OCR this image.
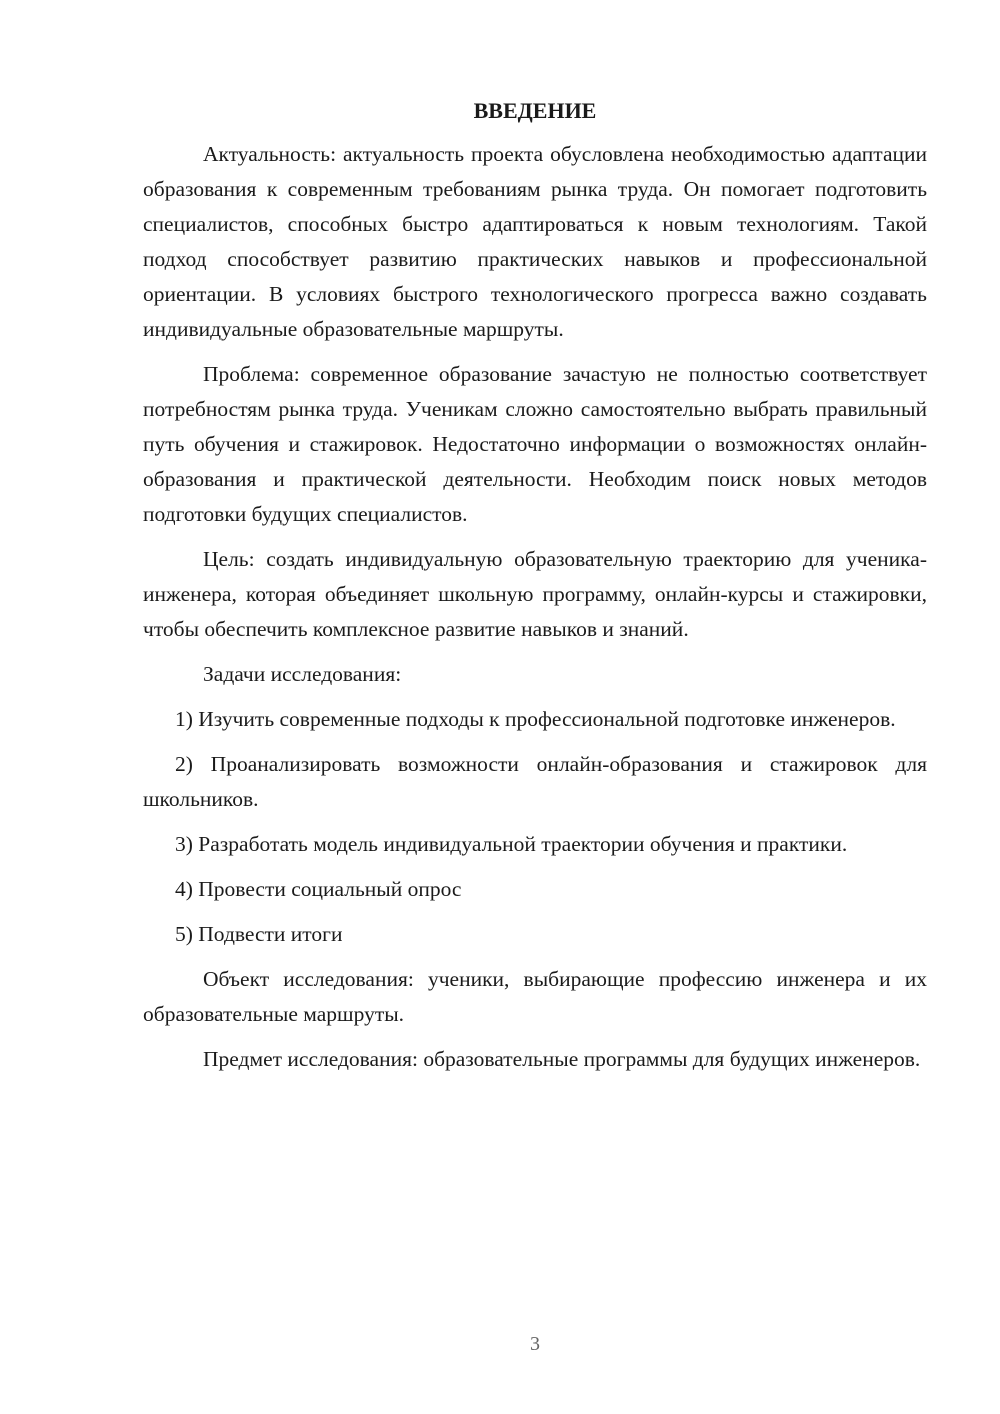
ВВЕДЕНИЕ

Актуальность: актуальность проекта обусловлена необходимостью адаптации образования к современным требованиям рынка труда. Он помогает подготовить специалистов, способных быстро адаптироваться к новым технологиям. Такой подход способствует развитию практических навыков и профессиональной ориентации. В условиях быстрого технологического прогресса важно создавать индивидуальные образовательные маршруты.

Проблема: современное образование зачастую не полностью соответствует потребностям рынка труда. Ученикам сложно самостоятельно выбрать правильный путь обучения и стажировок. Недостаточно информации о возможностях онлайн-образования и практической деятельности. Необходим поиск новых методов подготовки будущих специалистов.

Цель: создать индивидуальную образовательную траекторию для ученика-инженера, которая объединяет школьную программу, онлайн-курсы и стажировки, чтобы обеспечить комплексное развитие навыков и знаний.

Задачи исследования:

1) Изучить современные подходы к профессиональной подготовке инженеров.

2) Проанализировать возможности онлайн-образования и стажировок для школьников.

3) Разработать модель индивидуальной траектории обучения и практики.

4) Провести социальный опрос

5) Подвести итоги

Объект исследования: ученики, выбирающие профессию инженера и их образовательные маршруты.

Предмет исследования: образовательные программы для будущих инженеров.

3
